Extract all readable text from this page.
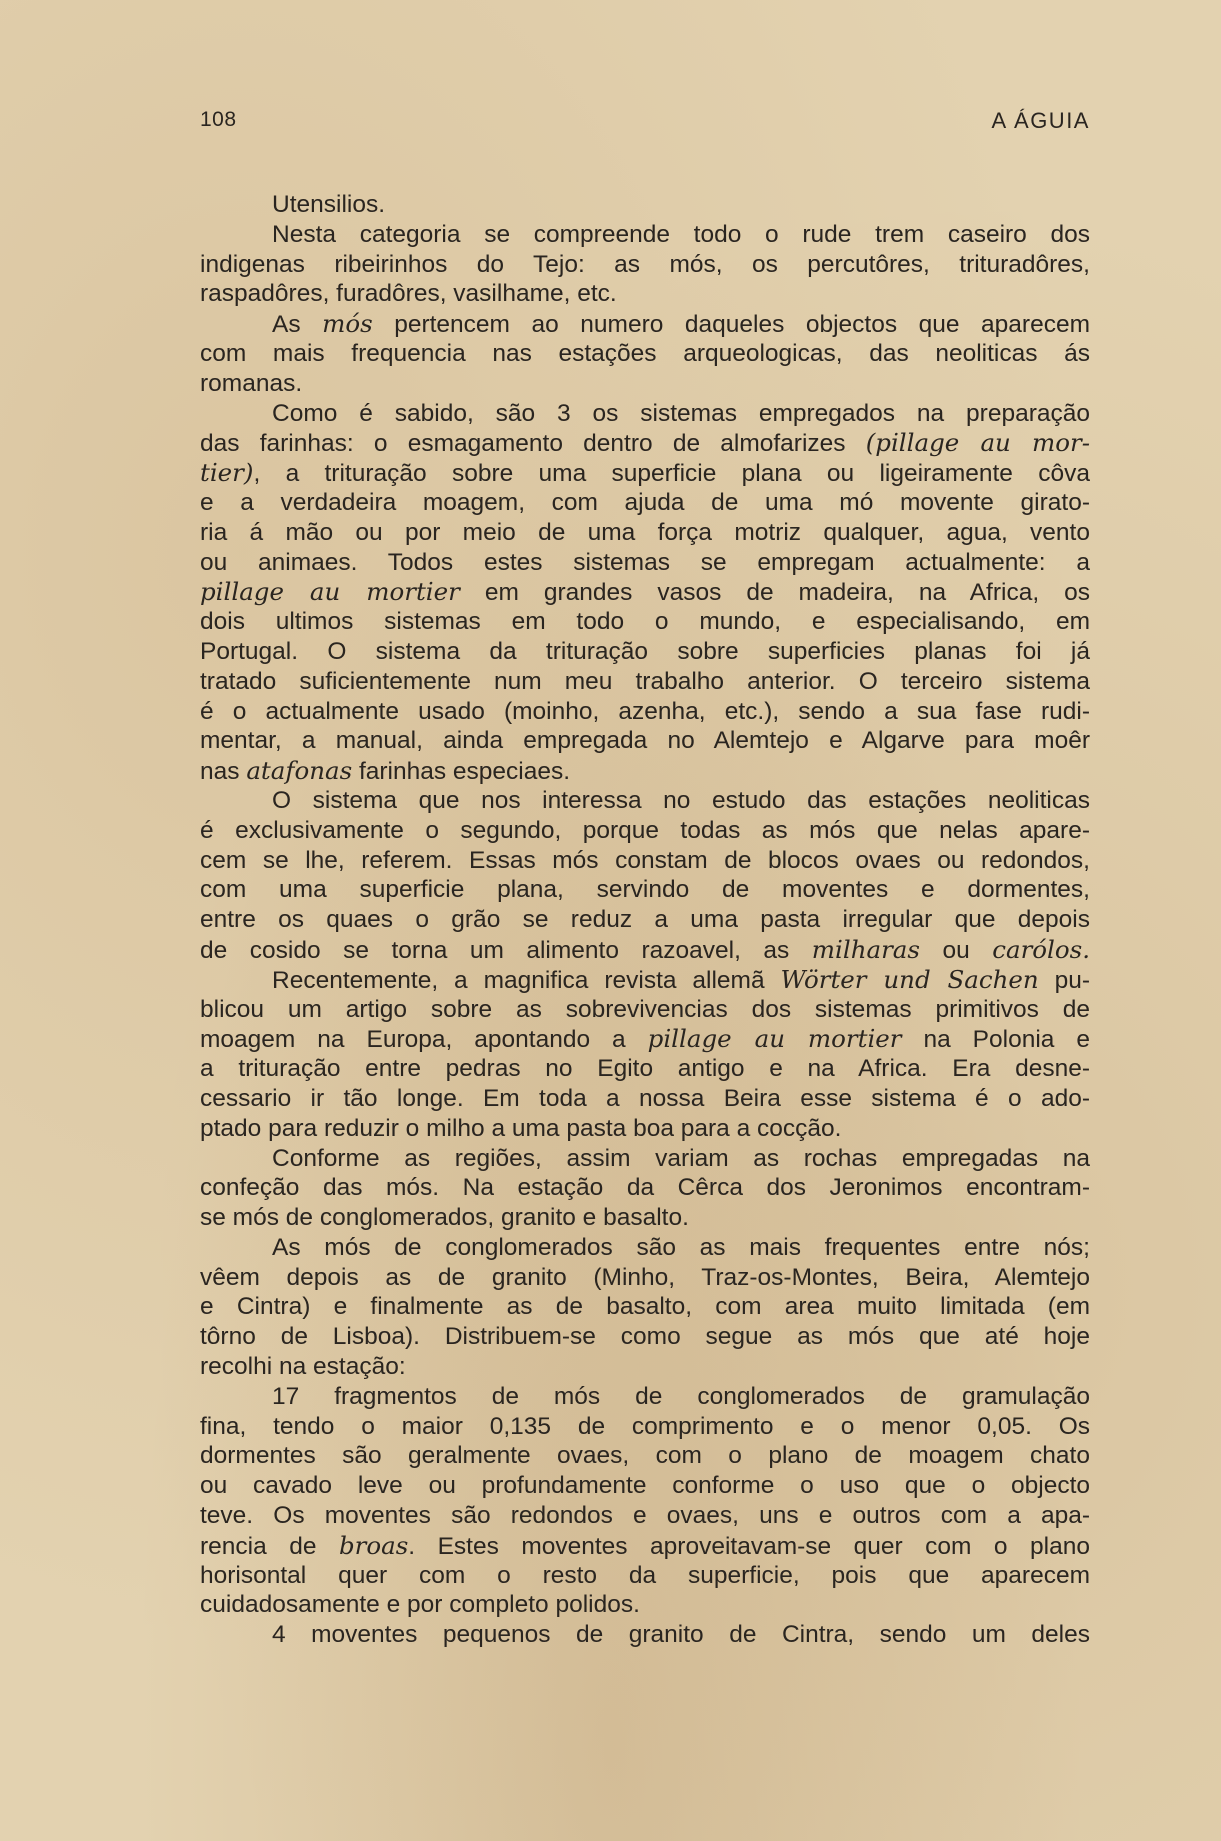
108	A ÁGUIA
Utensilios.
Nesta categoria se compreende todo o rude trem caseiro dos
indigenas ribeirinhos do Tejo: as mós, os percutôres, trituradôres,
raspadôres, furadôres, vasilhame, etc.
As mós pertencem ao numero daqueles objectos que aparecem
com mais frequencia nas estações arqueologicas, das neoliticas ás
romanas.
Como é sabido, são 3 os sistemas empregados na preparação
das farinhas: o esmagamento dentro de almofarizes (pillage au mor-
tier), a trituração sobre uma superficie plana ou ligeiramente côva
e a verdadeira moagem, com ajuda de uma mó movente girato-
ria á mão ou por meio de uma força motriz qualquer, agua, vento
ou animaes. Todos estes sistemas se empregam actualmente: a
pillage au mortier em grandes vasos de madeira, na Africa, os
dois ultimos sistemas em todo o mundo, e especialisando, em
Portugal. O sistema da trituração sobre superficies planas foi já
tratado suficientemente num meu trabalho anterior. O terceiro sistema
é o actualmente usado (moinho, azenha, etc.), sendo a sua fase rudi-
mentar, a manual, ainda empregada no Alemtejo e Algarve para moêr
nas atafonas farinhas especiaes.
O sistema que nos interessa no estudo das estações neoliticas
é exclusivamente o segundo, porque todas as mós que nelas apare-
cem se lhe, referem. Essas mós constam de blocos ovaes ou redondos,
com uma superficie plana, servindo de moventes e dormentes,
entre os quaes o grão se reduz a uma pasta irregular que depois
de cosido se torna um alimento razoavel, as milharas ou carólos.
Recentemente, a magnifica revista allemã Wörter und Sachen pu-
blicou um artigo sobre as sobrevivencias dos sistemas primitivos de
moagem na Europa, apontando a pillage au mortier na Polonia e
a trituração entre pedras no Egito antigo e na Africa. Era desne-
cessario ir tão longe. Em toda a nossa Beira esse sistema é o ado-
ptado para reduzir o milho a uma pasta boa para a cocção.
Conforme as regiões, assim variam as rochas empregadas na
confeção das mós. Na estação da Cêrca dos Jeronimos encontram-
se mós de conglomerados, granito e basalto.
As mós de conglomerados são as mais frequentes entre nós;
vêem depois as de granito (Minho, Traz-os-Montes, Beira, Alemtejo
e Cintra) e finalmente as de basalto, com area muito limitada (em
tôrno de Lisboa). Distribuem-se como segue as mós que até hoje
recolhi na estação:
17 fragmentos de mós de conglomerados de gramulação
fina, tendo o maior 0,135 de comprimento e o menor 0,05. Os
dormentes são geralmente ovaes, com o plano de moagem chato
ou cavado leve ou profundamente conforme o uso que o objecto
teve. Os moventes são redondos e ovaes, uns e outros com a apa-
rencia de broas. Estes moventes aproveitavam-se quer com o plano
horisontal quer com o resto da superficie, pois que aparecem
cuidadosamente e por completo polidos.
4 moventes pequenos de granito de Cintra, sendo um deles
